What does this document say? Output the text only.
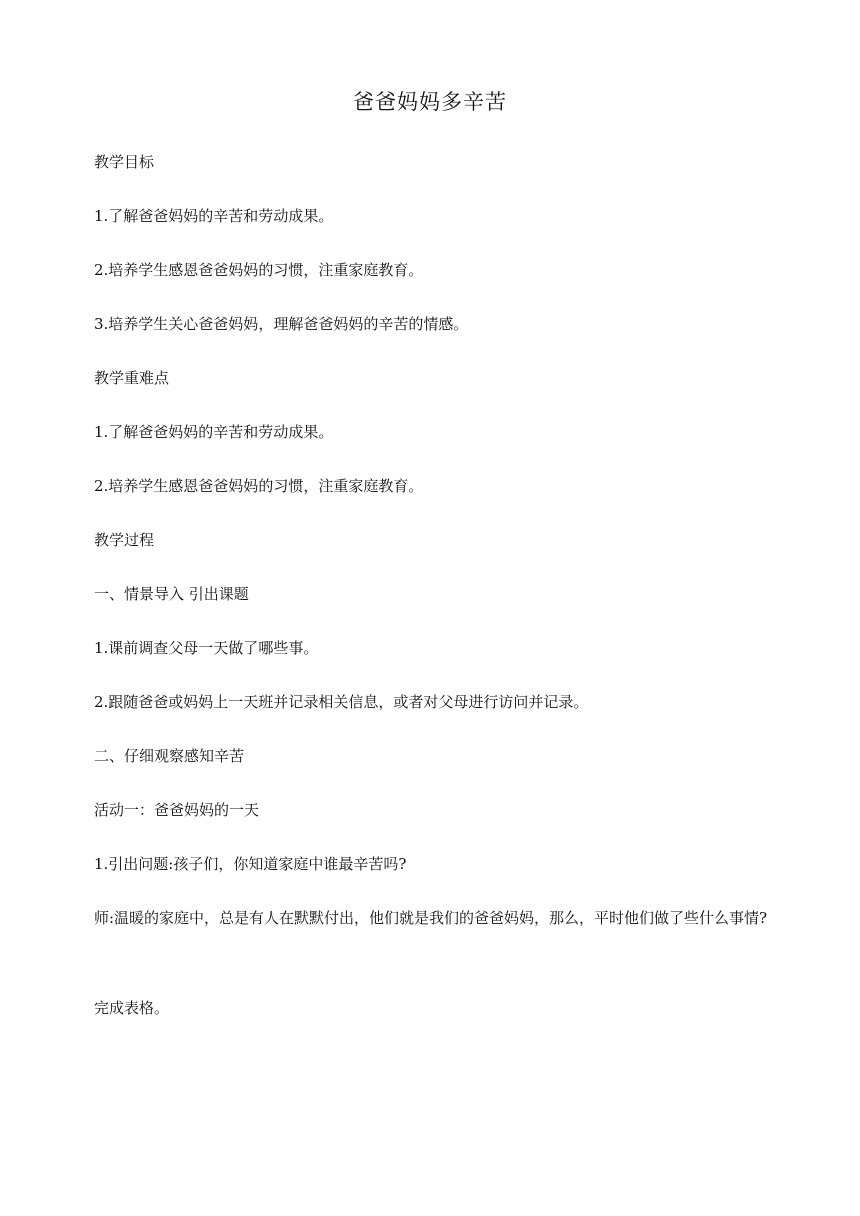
爸爸妈妈多辛苦
教学目标
1.了解爸爸妈妈的辛苦和劳动成果。
2.培养学生感恩爸爸妈妈的习惯，注重家庭教育。
3.培养学生关心爸爸妈妈，理解爸爸妈妈的辛苦的情感。
教学重难点
1.了解爸爸妈妈的辛苦和劳动成果。
2.培养学生感恩爸爸妈妈的习惯，注重家庭教育。
教学过程
一、情景导入 引出课题
1.课前调查父母一天做了哪些事。
2.跟随爸爸或妈妈上一天班并记录相关信息，或者对父母进行访问并记录。
二、仔细观察感知辛苦
活动一：爸爸妈妈的一天
1.引出问题:孩子们，你知道家庭中谁最辛苦吗?
师:温暖的家庭中，总是有人在默默付出，他们就是我们的爸爸妈妈，那么，平时他们做了些什么事情?
完成表格。
